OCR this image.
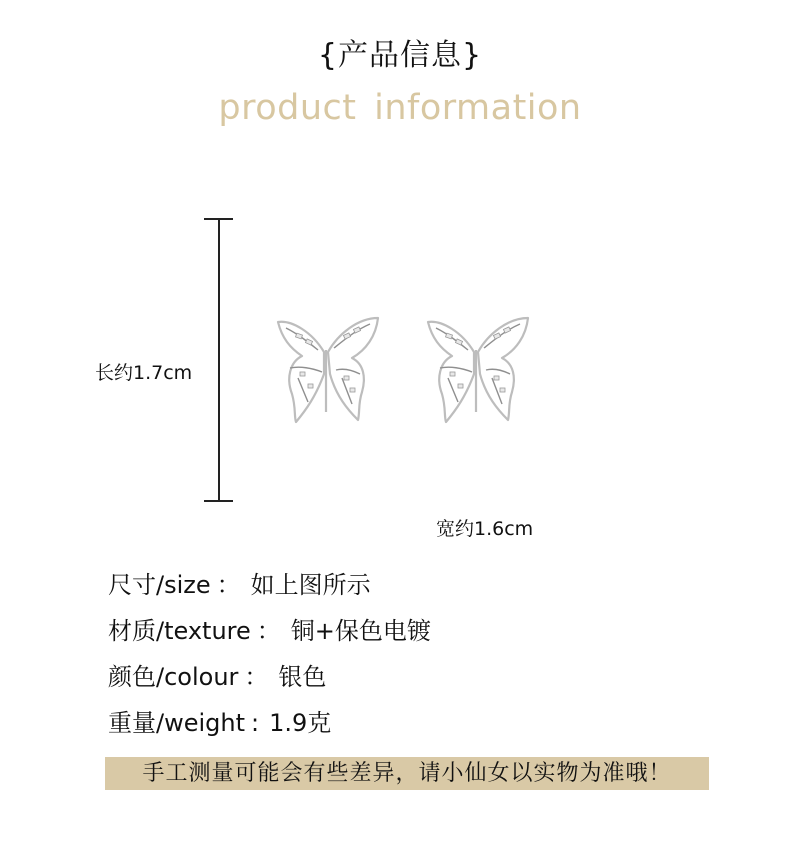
{产品信息}
product information
长约1.7cm
宽约1.6cm
尺寸/size ： 如上图所示
材质/texture ： 铜+保色电镀
颜色/colour ： 银色
重量/weight : 1.9克
手工测量可能会有些差异，请小仙女以实物为准哦！
